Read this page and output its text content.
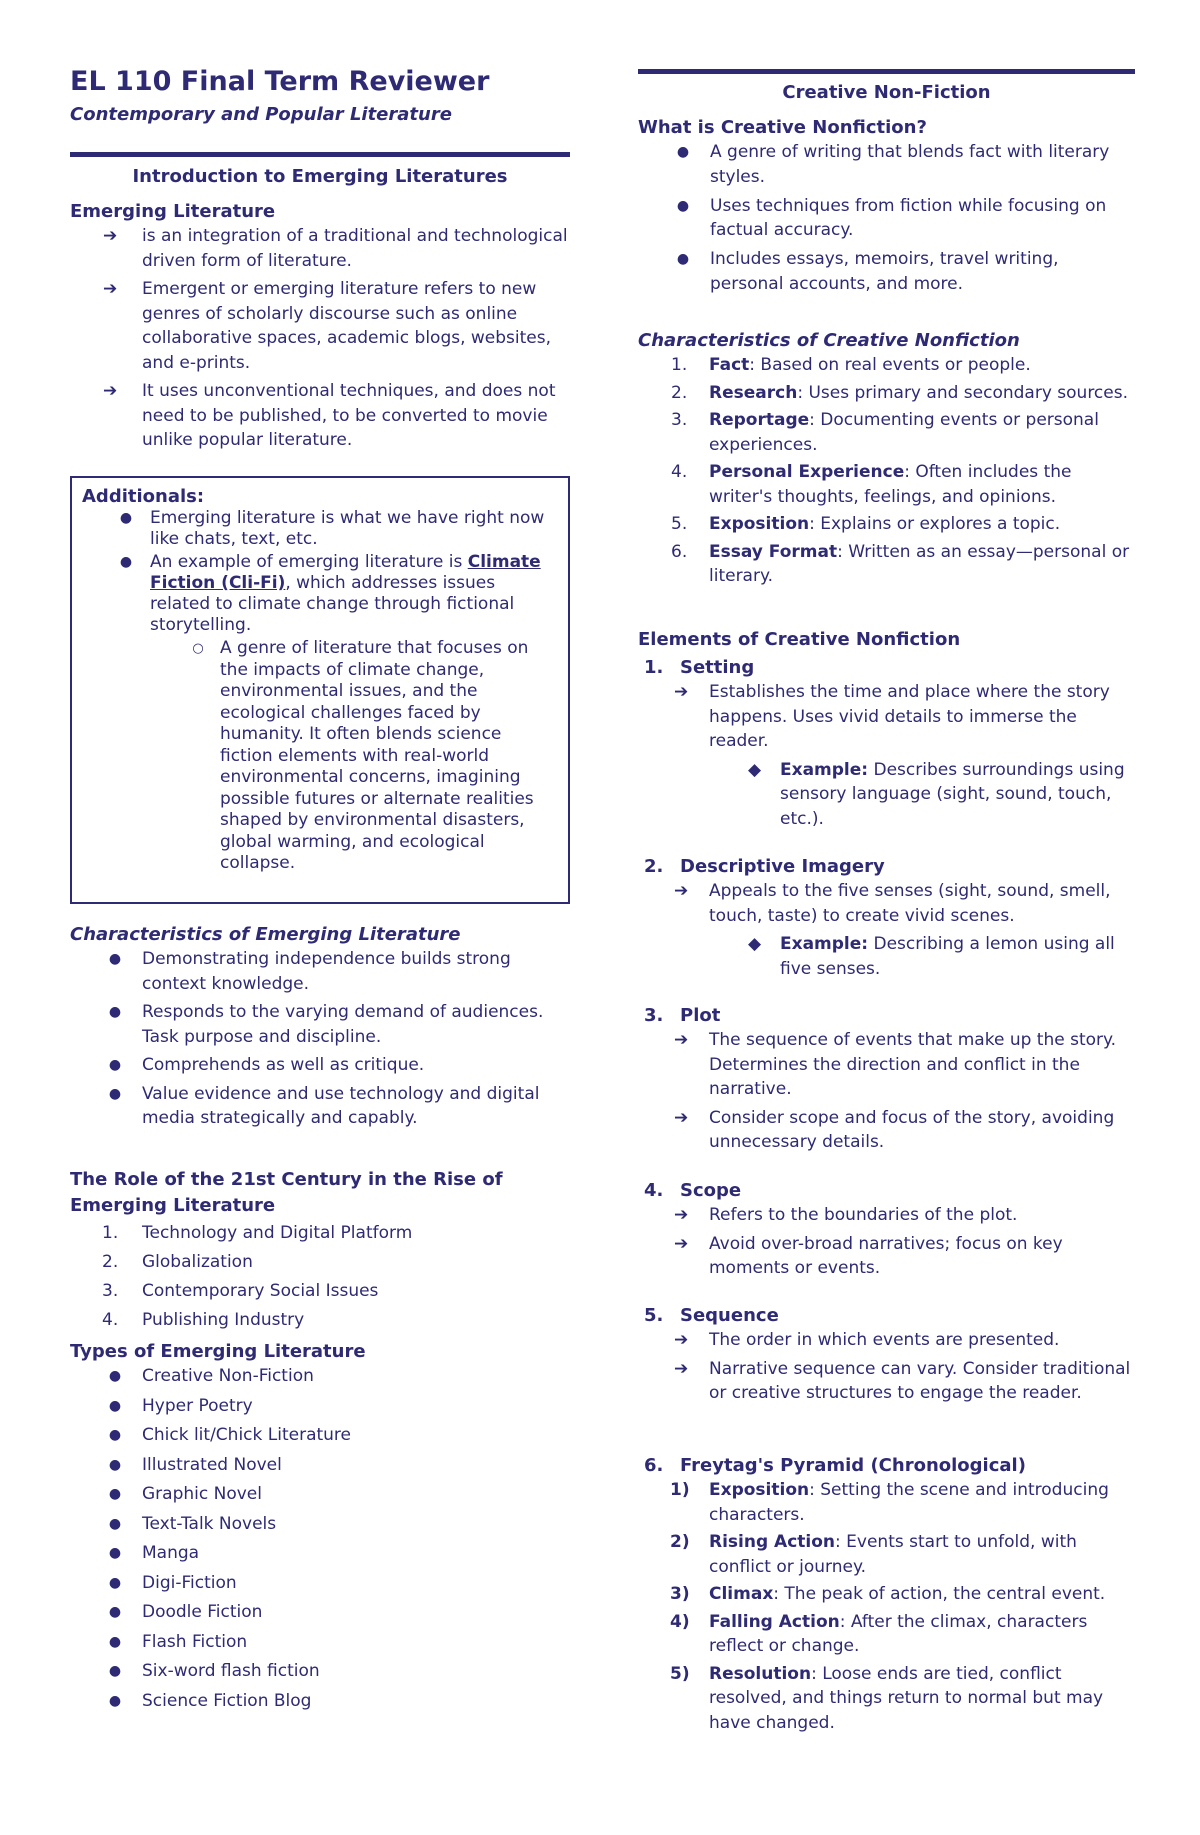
EL 110 Final Term Reviewer
Contemporary and Popular Literature
Introduction to Emerging Literatures
Emerging Literature
➔ is an integration of a traditional and technological driven form of literature.
➔ Emergent or emerging literature refers to new genres of scholarly discourse such as online collaborative spaces, academic blogs, websites, and e-prints.
➔ It uses unconventional techniques, and does not need to be published, to be converted to movie unlike popular literature.
Additionals:
● Emerging literature is what we have right now like chats, text, etc.
● An example of emerging literature is Climate Fiction (Cli-Fi), which addresses issues related to climate change through fictional storytelling.
○ A genre of literature that focuses on the impacts of climate change, environmental issues, and the ecological challenges faced by humanity. It often blends science fiction elements with real-world environmental concerns, imagining possible futures or alternate realities shaped by environmental disasters, global warming, and ecological collapse.
Characteristics of Emerging Literature
● Demonstrating independence builds strong context knowledge.
● Responds to the varying demand of audiences. Task purpose and discipline.
● Comprehends as well as critique.
● Value evidence and use technology and digital media strategically and capably.
The Role of the 21st Century in the Rise of Emerging Literature
1. Technology and Digital Platform
2. Globalization
3. Contemporary Social Issues
4. Publishing Industry
Types of Emerging Literature
● Creative Non-Fiction
● Hyper Poetry
● Chick lit/Chick Literature
● Illustrated Novel
● Graphic Novel
● Text-Talk Novels
● Manga
● Digi-Fiction
● Doodle Fiction
● Flash Fiction
● Six-word flash fiction
● Science Fiction Blog
Creative Non-Fiction
What is Creative Nonfiction?
● A genre of writing that blends fact with literary styles.
● Uses techniques from fiction while focusing on factual accuracy.
● Includes essays, memoirs, travel writing, personal accounts, and more.
Characteristics of Creative Nonfiction
1. Fact: Based on real events or people.
2. Research: Uses primary and secondary sources.
3. Reportage: Documenting events or personal experiences.
4. Personal Experience: Often includes the writer's thoughts, feelings, and opinions.
5. Exposition: Explains or explores a topic.
6. Essay Format: Written as an essay—personal or literary.
Elements of Creative Nonfiction
1. Setting
➔ Establishes the time and place where the story happens. Uses vivid details to immerse the reader.
◆ Example: Describes surroundings using sensory language (sight, sound, touch, etc.).
2. Descriptive Imagery
➔ Appeals to the five senses (sight, sound, smell, touch, taste) to create vivid scenes.
◆ Example: Describing a lemon using all five senses.
3. Plot
➔ The sequence of events that make up the story. Determines the direction and conflict in the narrative.
➔ Consider scope and focus of the story, avoiding unnecessary details.
4. Scope
➔ Refers to the boundaries of the plot.
➔ Avoid over-broad narratives; focus on key moments or events.
5. Sequence
➔ The order in which events are presented.
➔ Narrative sequence can vary. Consider traditional or creative structures to engage the reader.
6. Freytag's Pyramid (Chronological)
1) Exposition: Setting the scene and introducing characters.
2) Rising Action: Events start to unfold, with conflict or journey.
3) Climax: The peak of action, the central event.
4) Falling Action: After the climax, characters reflect or change.
5) Resolution: Loose ends are tied, conflict resolved, and things return to normal but may have changed.
